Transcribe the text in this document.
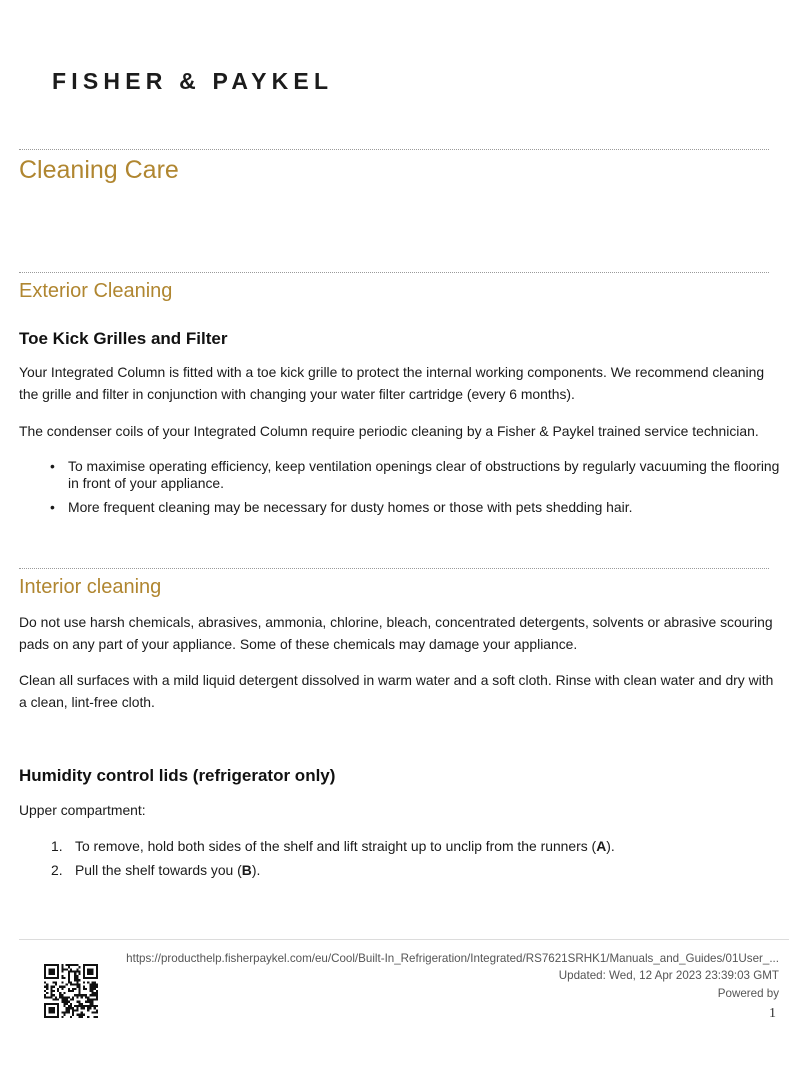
FISHER & PAYKEL
Cleaning Care
Exterior Cleaning
Toe Kick Grilles and Filter

Your Integrated Column is fitted with a toe kick grille to protect the internal working components. We recommend cleaning the grille and filter in conjunction with changing your water filter cartridge (every 6 months).

The condenser coils of your Integrated Column require periodic cleaning by a Fisher & Paykel trained service technician.

• To maximise operating efficiency, keep ventilation openings clear of obstructions by regularly vacuuming the flooring in front of your appliance.
• More frequent cleaning may be necessary for dusty homes or those with pets shedding hair.
Interior cleaning

Do not use harsh chemicals, abrasives, ammonia, chlorine, bleach, concentrated detergents, solvents or abrasive scouring pads on any part of your appliance. Some of these chemicals may damage your appliance.

Clean all surfaces with a mild liquid detergent dissolved in warm water and a soft cloth. Rinse with clean water and dry with a clean, lint-free cloth.

Humidity control lids (refrigerator only)

Upper compartment:

1. To remove, hold both sides of the shelf and lift straight up to unclip from the runners (A).
2. Pull the shelf towards you (B).
https://producthelp.fisherpaykel.com/eu/Cool/Built-In_Refrigeration/Integrated/RS7621SRHK1/Manuals_and_Guides/01User_...
Updated: Wed, 12 Apr 2023 23:39:03 GMT
Powered by
1
